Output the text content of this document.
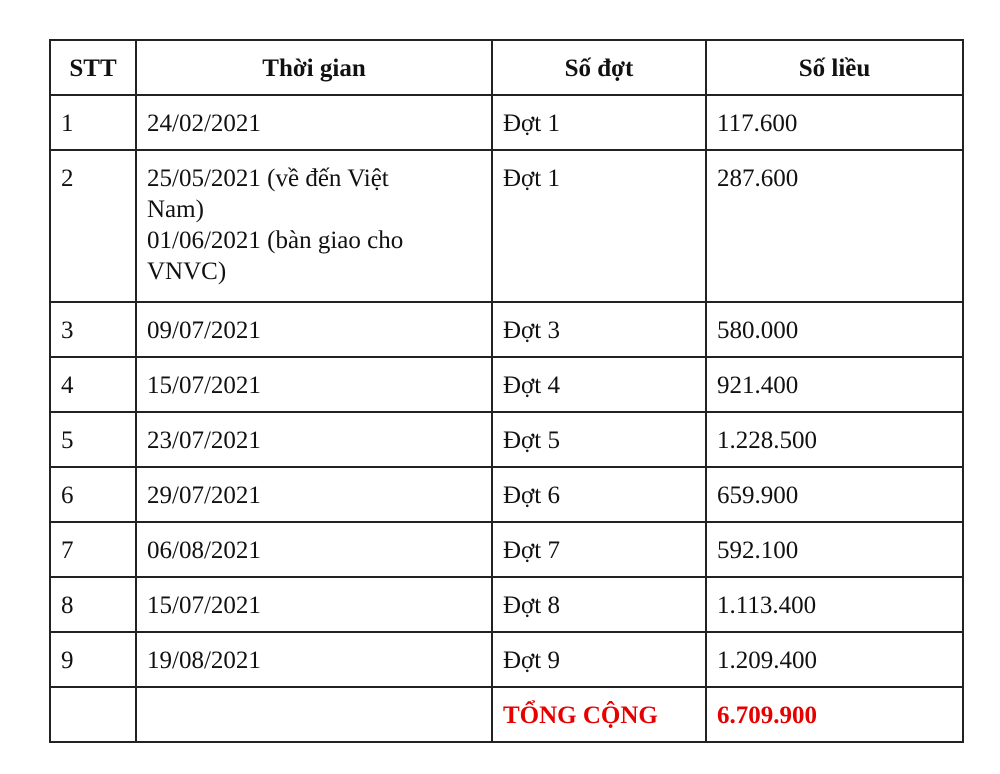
STT	Thời gian	Số đợt	Số liều
1	24/02/2021	Đợt 1	117.600
2	25/05/2021 (về đến Việt
Nam)
01/06/2021 (bàn giao cho
VNVC)	Đợt 1	287.600
3	09/07/2021	Đợt 3	580.000
4	15/07/2021	Đợt 4	921.400
5	23/07/2021	Đợt 5	1.228.500
6	29/07/2021	Đợt 6	659.900
7	06/08/2021	Đợt 7	592.100
8	15/07/2021	Đợt 8	1.113.400
9	19/08/2021	Đợt 9	1.209.400
		TỔNG CỘNG	6.709.900
